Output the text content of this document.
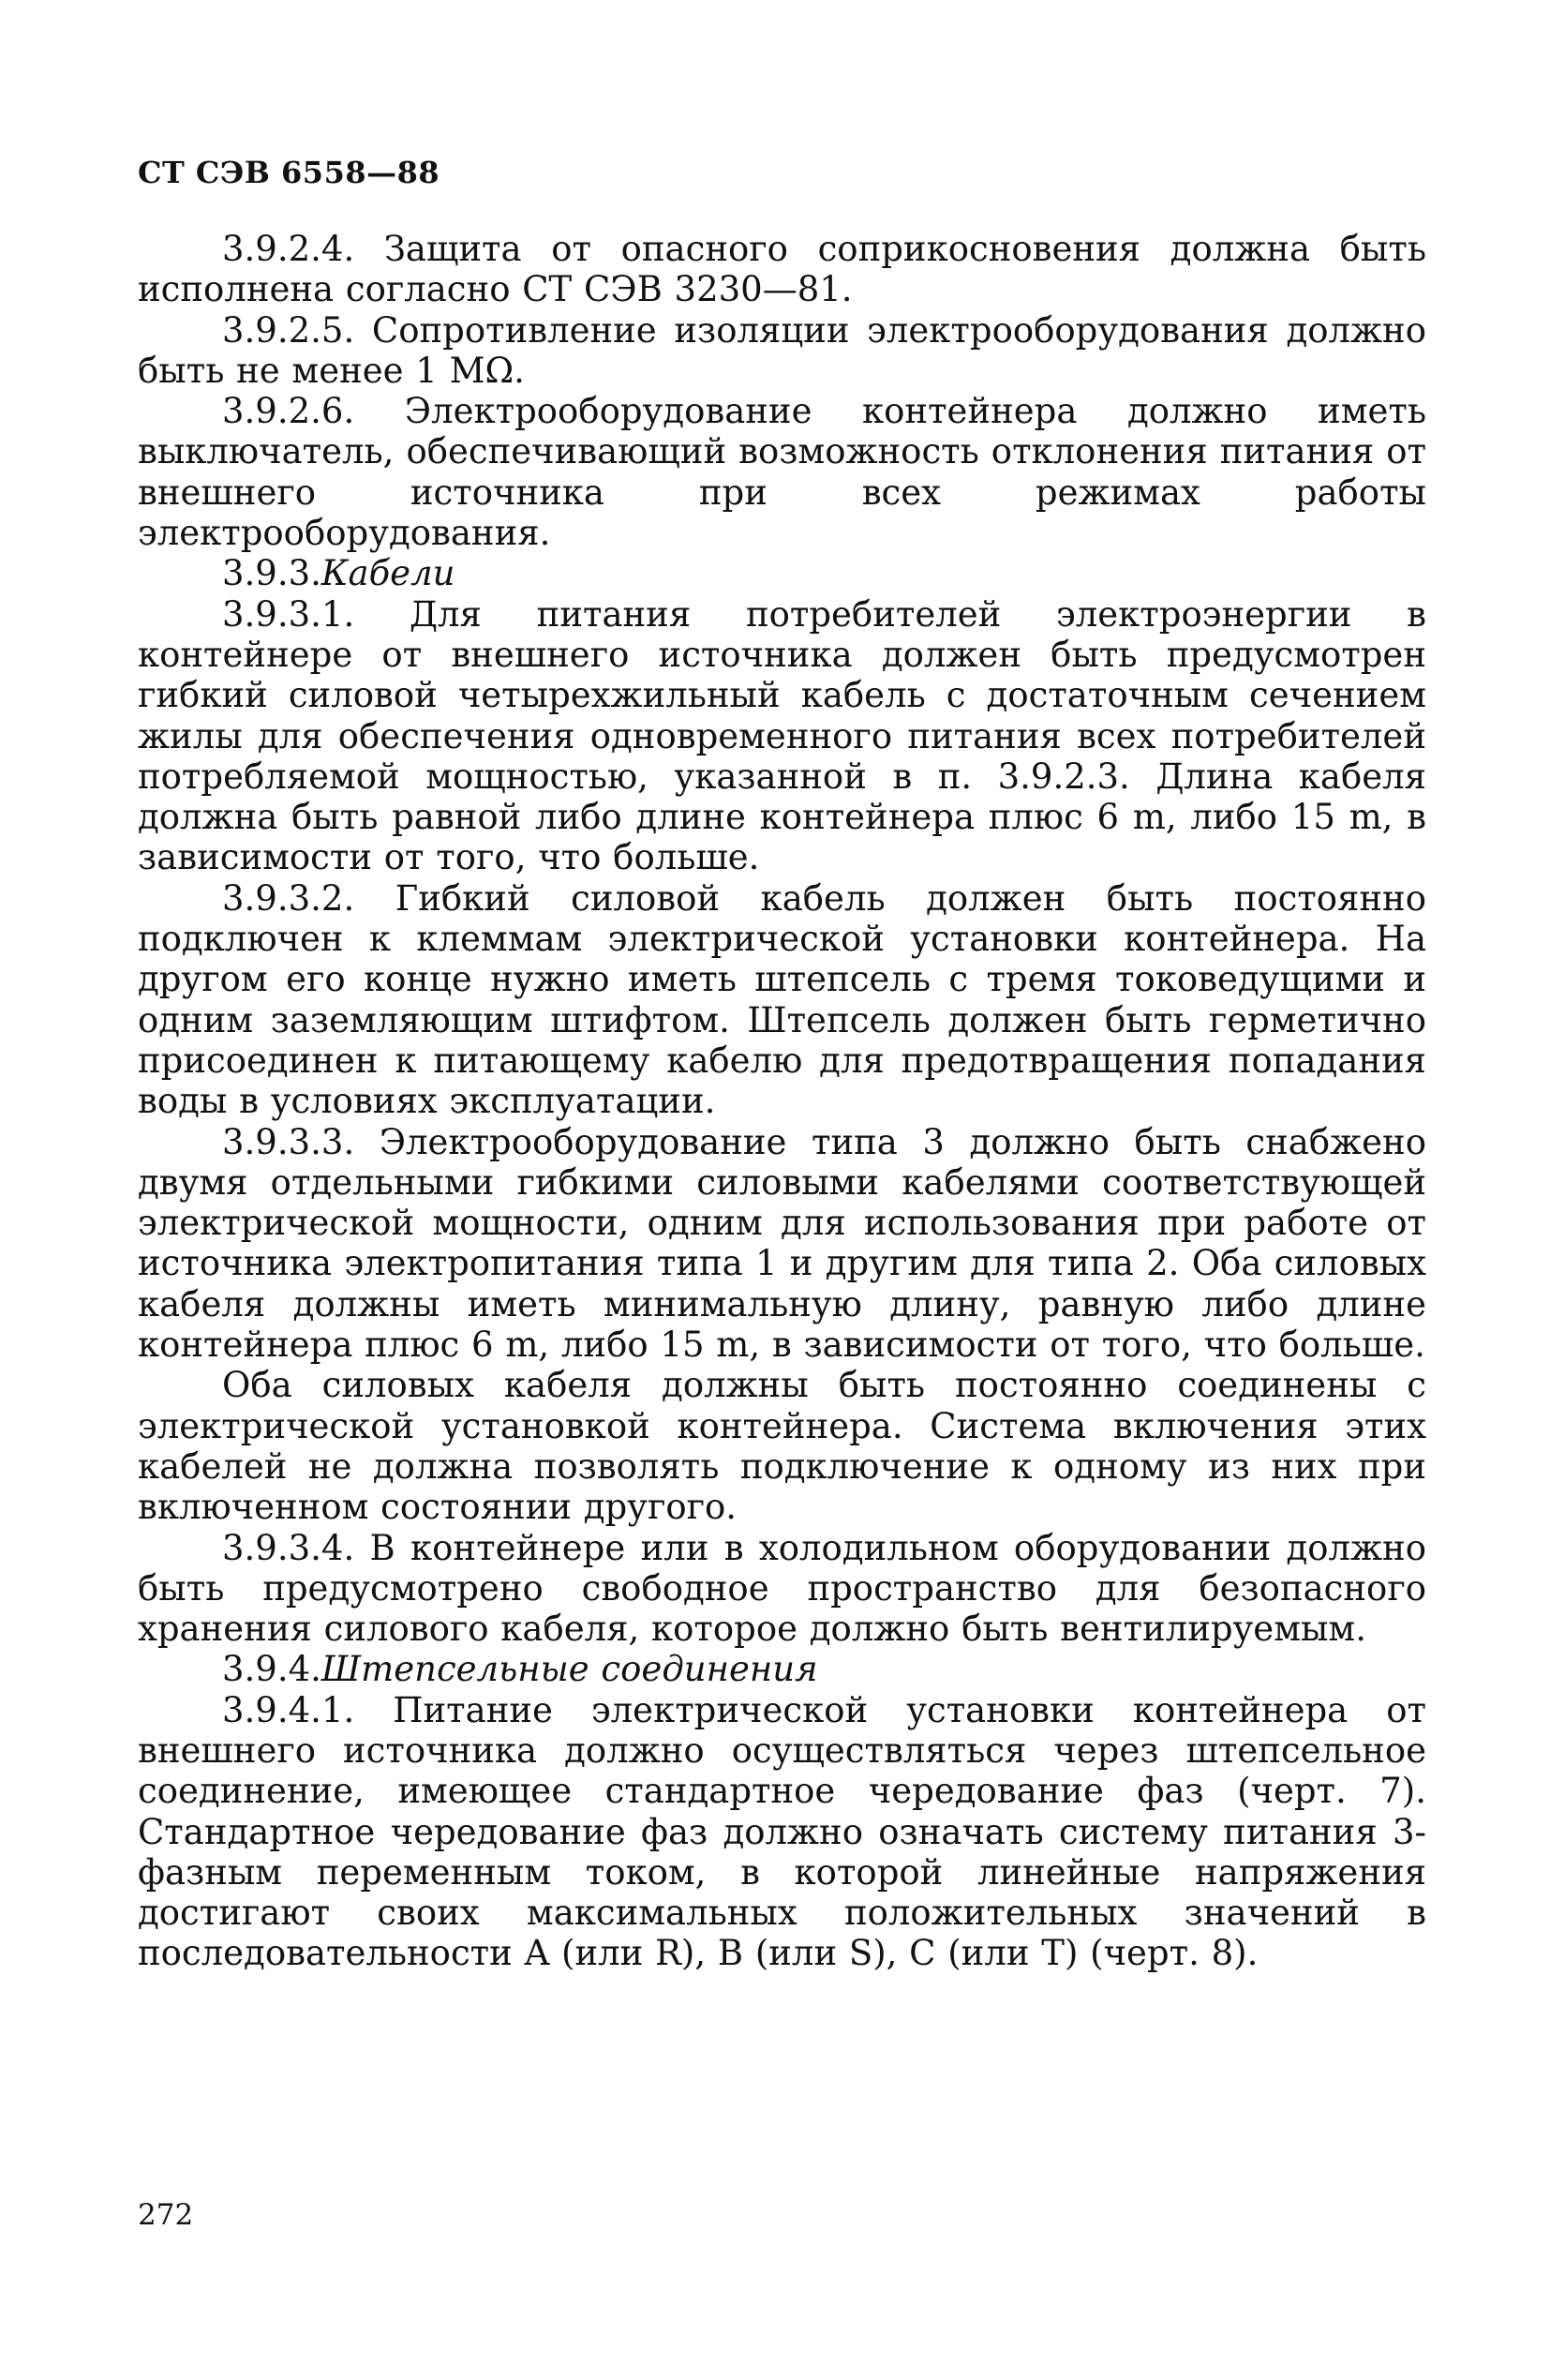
СТ СЭВ 6558—88

3.9.2.4. Защита от опасного соприкосновения должна быть исполнена согласно СТ СЭВ 3230—81.

3.9.2.5. Сопротивление изоляции электрооборудования должно быть не менее 1 МΩ.

3.9.2.6. Электрооборудование контейнера должно иметь выключатель, обеспечивающий возможность отклонения питания от внешнего источника при всех режимах работы электрооборудования.

3.9.3.Кабели

3.9.3.1. Для питания потребителей электроэнергии в контейнере от внешнего источника должен быть предусмотрен гибкий силовой четырехжильный кабель с достаточным сечением жилы для обеспечения одновременного питания всех потребителей потребляемой мощностью, указанной в п. 3.9.2.3. Длина кабеля должна быть равной либо длине контейнера плюс 6 m, либо 15 m, в зависимости от того, что больше.

3.9.3.2. Гибкий силовой кабель должен быть постоянно подключен к клеммам электрической установки контейнера. На другом его конце нужно иметь штепсель с тремя токоведущими и одним заземляющим штифтом. Штепсель должен быть герметично присоединен к питающему кабелю для предотвращения попадания воды в условиях эксплуатации.

3.9.3.3. Электрооборудование типа 3 должно быть снабжено двумя отдельными гибкими силовыми кабелями соответствующей электрической мощности, одним для использования при работе от источника электропитания типа 1 и другим для типа 2. Оба силовых кабеля должны иметь минимальную длину, равную либо длине контейнера плюс 6 m, либо 15 m, в зависимости от того, что больше.

Оба силовых кабеля должны быть постоянно соединены с электрической установкой контейнера. Система включения этих кабелей не должна позволять подключение к одному из них при включенном состоянии другого.

3.9.3.4. В контейнере или в холодильном оборудовании должно быть предусмотрено свободное пространство для безопасного хранения силового кабеля, которое должно быть вентилируемым.

3.9.4.Штепсельные соединения

3.9.4.1. Питание электрической установки контейнера от внешнего источника должно осуществляться через штепсельное соединение, имеющее стандартное чередование фаз (черт. 7). Стандартное чередование фаз должно означать систему питания 3-фазным переменным током, в которой линейные напряжения достигают своих максимальных положительных значений в последовательности A (или R), B (или S), C (или T) (черт. 8).

272
